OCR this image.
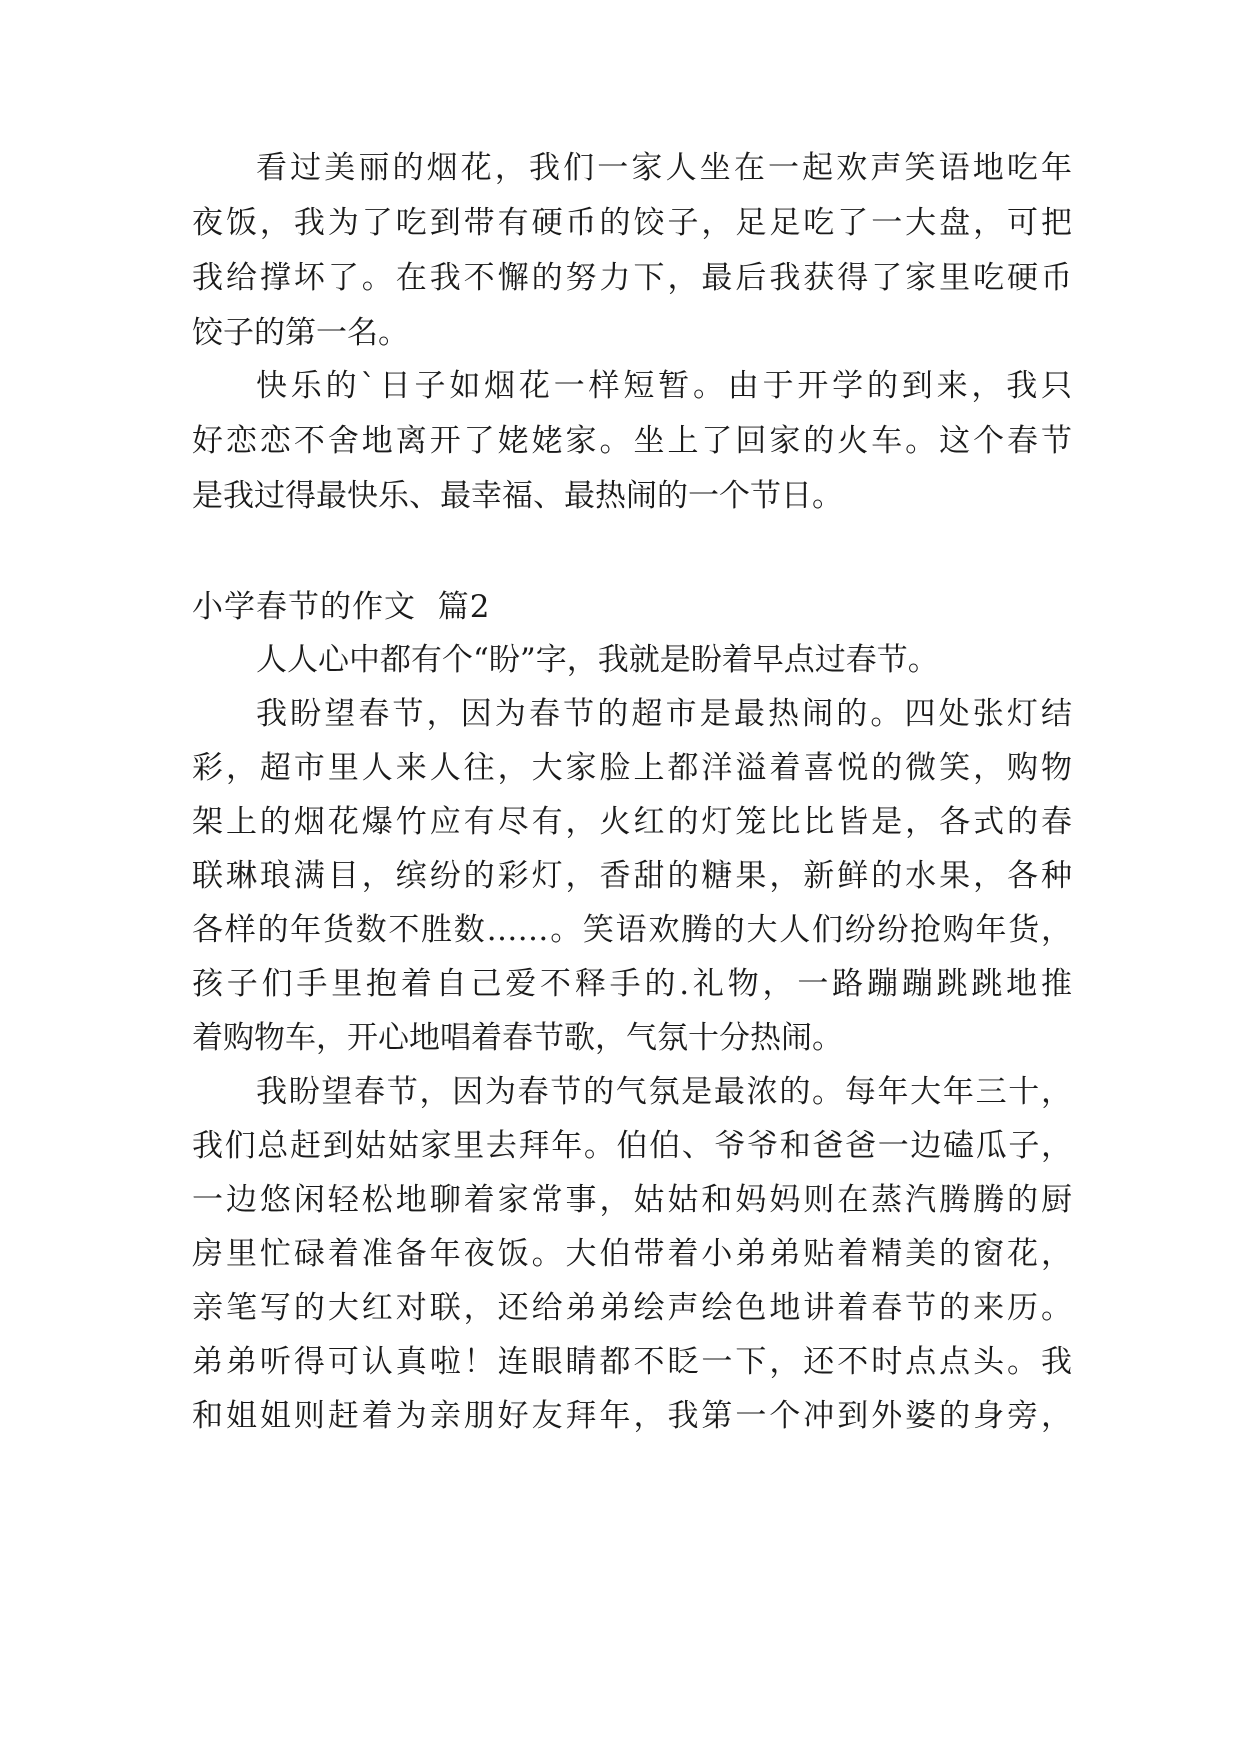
看过美丽的烟花，我们一家人坐在一起欢声笑语地吃年

夜饭，我为了吃到带有硬币的饺子，足足吃了一大盘，可把

我给撑坏了。在我不懈的努力下，最后我获得了家里吃硬币

饺子的第一名。

快乐的`日子如烟花一样短暂。由于开学的到来，我只

好恋恋不舍地离开了姥姥家。坐上了回家的火车。这个春节

是我过得最快乐、最幸福、最热闹的一个节日。

小学春节的作文  篇2

人人心中都有个“盼”字，我就是盼着早点过春节。

我盼望春节，因为春节的超市是最热闹的。四处张灯结

彩，超市里人来人往，大家脸上都洋溢着喜悦的微笑，购物

架上的烟花爆竹应有尽有，火红的灯笼比比皆是，各式的春

联琳琅满目，缤纷的彩灯，香甜的糖果，新鲜的水果，各种

各样的年货数不胜数……。笑语欢腾的大人们纷纷抢购年货，

孩子们手里抱着自己爱不释手的.礼物，一路蹦蹦跳跳地推

着购物车，开心地唱着春节歌，气氛十分热闹。

我盼望春节，因为春节的气氛是最浓的。每年大年三十，

我们总赶到姑姑家里去拜年。伯伯、爷爷和爸爸一边磕瓜子，

一边悠闲轻松地聊着家常事，姑姑和妈妈则在蒸汽腾腾的厨

房里忙碌着准备年夜饭。大伯带着小弟弟贴着精美的窗花，

亲笔写的大红对联，还给弟弟绘声绘色地讲着春节的来历。

弟弟听得可认真啦！连眼睛都不眨一下，还不时点点头。我

和姐姐则赶着为亲朋好友拜年，我第一个冲到外婆的身旁，
